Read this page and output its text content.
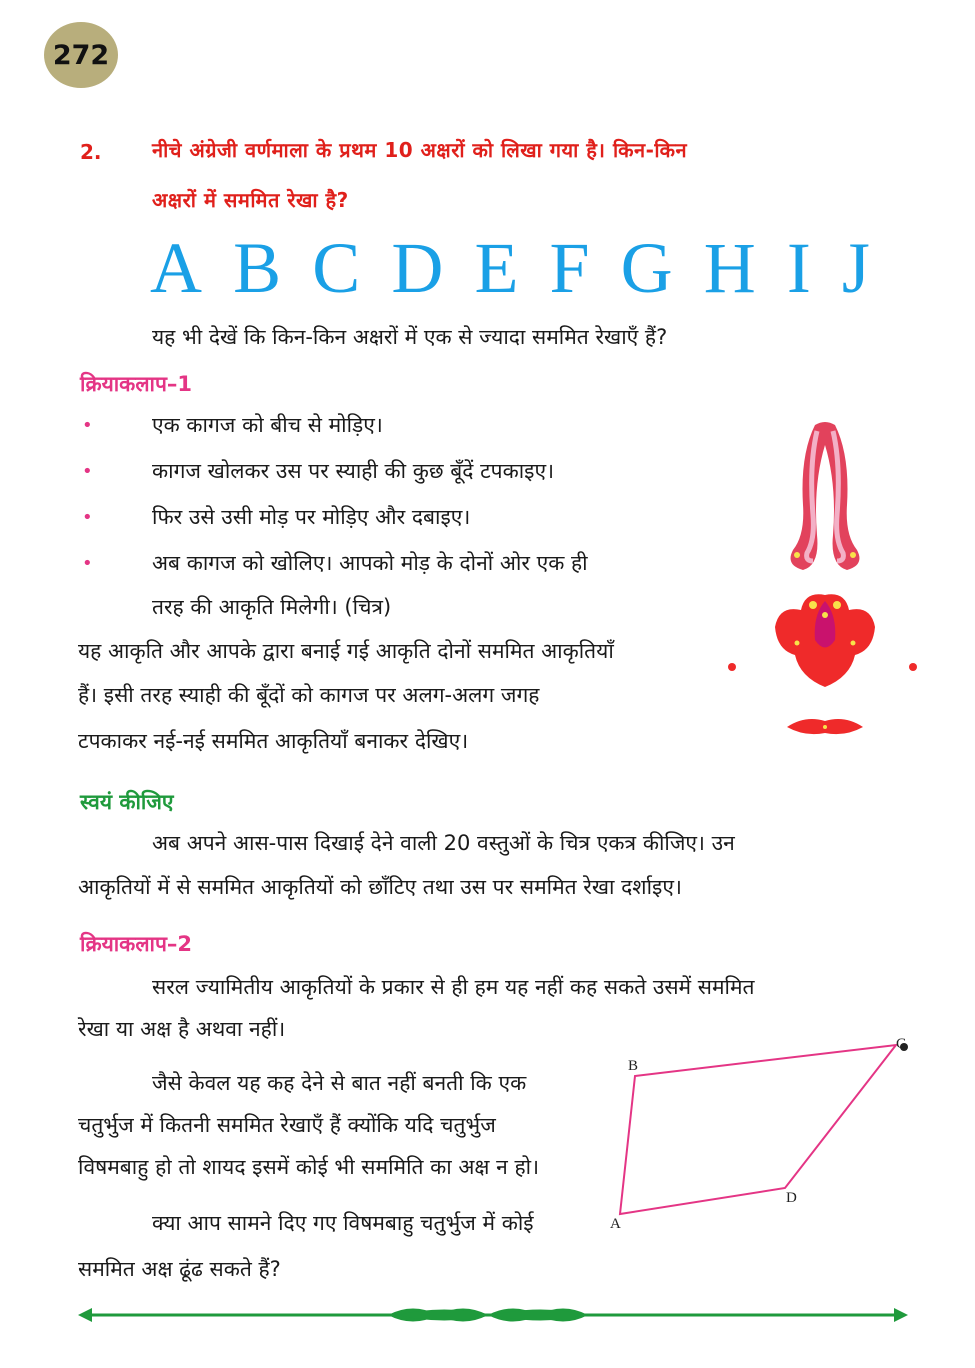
272
2.	नीचे अंग्रेजी वर्णमाला के प्रथम 10 अक्षरों को लिखा गया है। किन-किन
अक्षरों में सममित रेखा है?
A B C D E F G H I J
यह भी देखें कि किन-किन अक्षरों में एक से ज्यादा सममित रेखाएँ हैं?
क्रियाकलाप–1
•	एक कागज को बीच से मोड़िए।
•	कागज खोलकर उस पर स्याही की कुछ बूँदें टपकाइए।
•	फिर उसे उसी मोड़ पर मोड़िए और दबाइए।
•	अब कागज को खोलिए। आपको मोड़ के दोनों ओर एक ही
तरह की आकृति मिलेगी। (चित्र)
यह आकृति और आपके द्वारा बनाई गई आकृति दोनों सममित आकृतियाँ
हैं। इसी तरह स्याही की बूँदों को कागज पर अलग-अलग जगह
टपकाकर नई-नई सममित आकृतियाँ बनाकर देखिए।
स्वयं कीजिए
अब अपने आस-पास दिखाई देने वाली 20 वस्तुओं के चित्र एकत्र कीजिए। उन
आकृतियों में से सममित आकृतियों को छाँटिए तथा उस पर सममित रेखा दर्शाइए।
क्रियाकलाप–2
सरल ज्यामितीय आकृतियों के प्रकार से ही हम यह नहीं कह सकते उसमें सममित
रेखा या अक्ष है अथवा नहीं।
जैसे केवल यह कह देने से बात नहीं बनती कि एक
चतुर्भुज में कितनी सममित रेखाएँ हैं क्योंकि यदि चतुर्भुज
विषमबाहु हो तो शायद इसमें कोई भी सममिति का अक्ष न हो।
क्या आप सामने दिए गए विषमबाहु चतुर्भुज में कोई
सममित अक्ष ढूंढ सकते हैं?
A
B
C
D
